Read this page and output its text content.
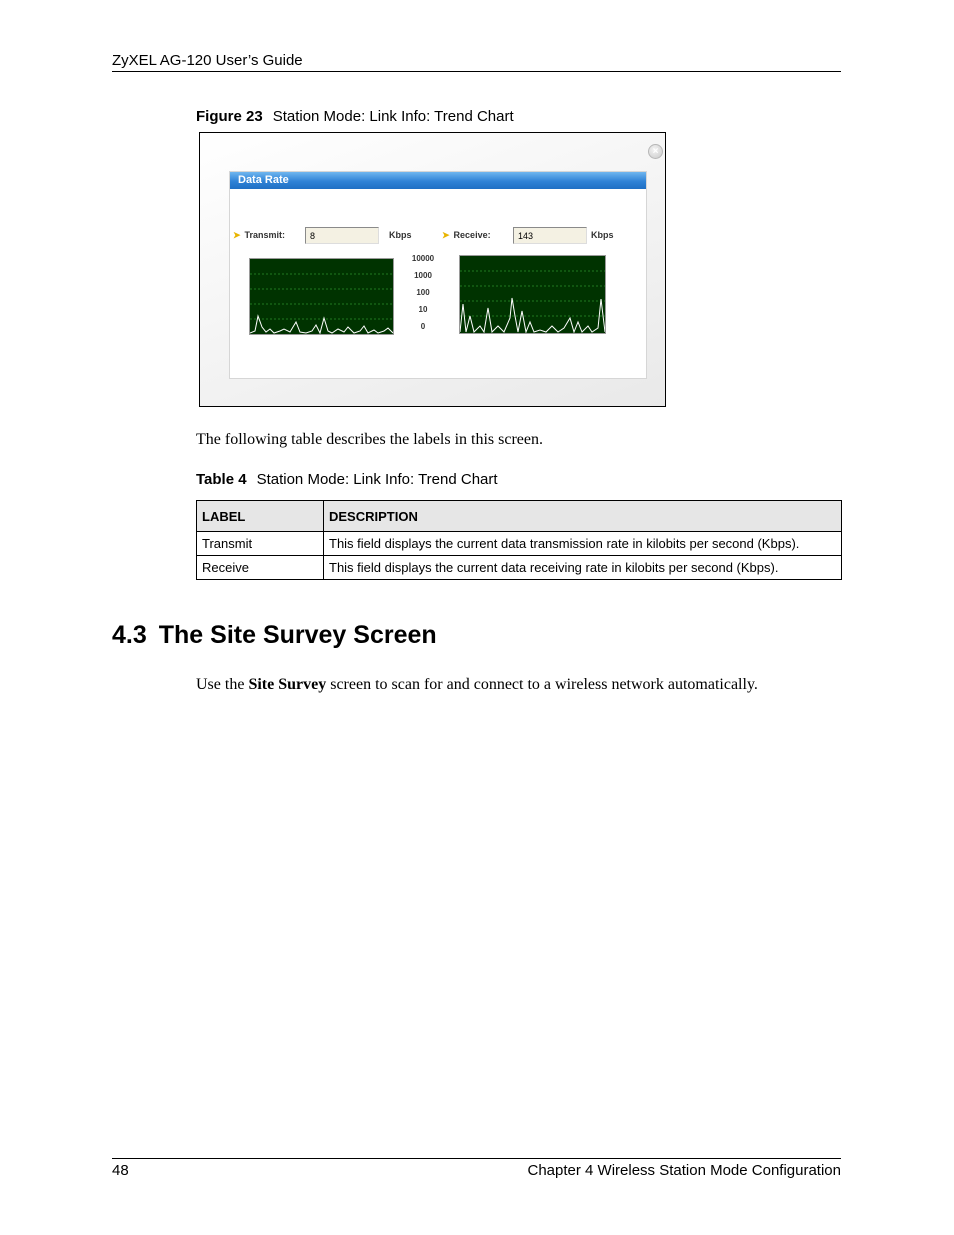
ZyXEL AG-120 User’s Guide
Figure 23 Station Mode: Link Info: Trend Chart
×
Data Rate
➤ Transmit:	8	Kbps	➤ Receive:	143	Kbps
10000
1000
100
10
0
The following table describes the labels in this screen.
Table 4 Station Mode: Link Info: Trend Chart
LABEL	DESCRIPTION
Transmit	This field displays the current data transmission rate in kilobits per second (Kbps).
Receive	This field displays the current data receiving rate in kilobits per second (Kbps).
4.3 The Site Survey Screen
Use the Site Survey screen to scan for and connect to a wireless network automatically.
48	Chapter 4 Wireless Station Mode Configuration
